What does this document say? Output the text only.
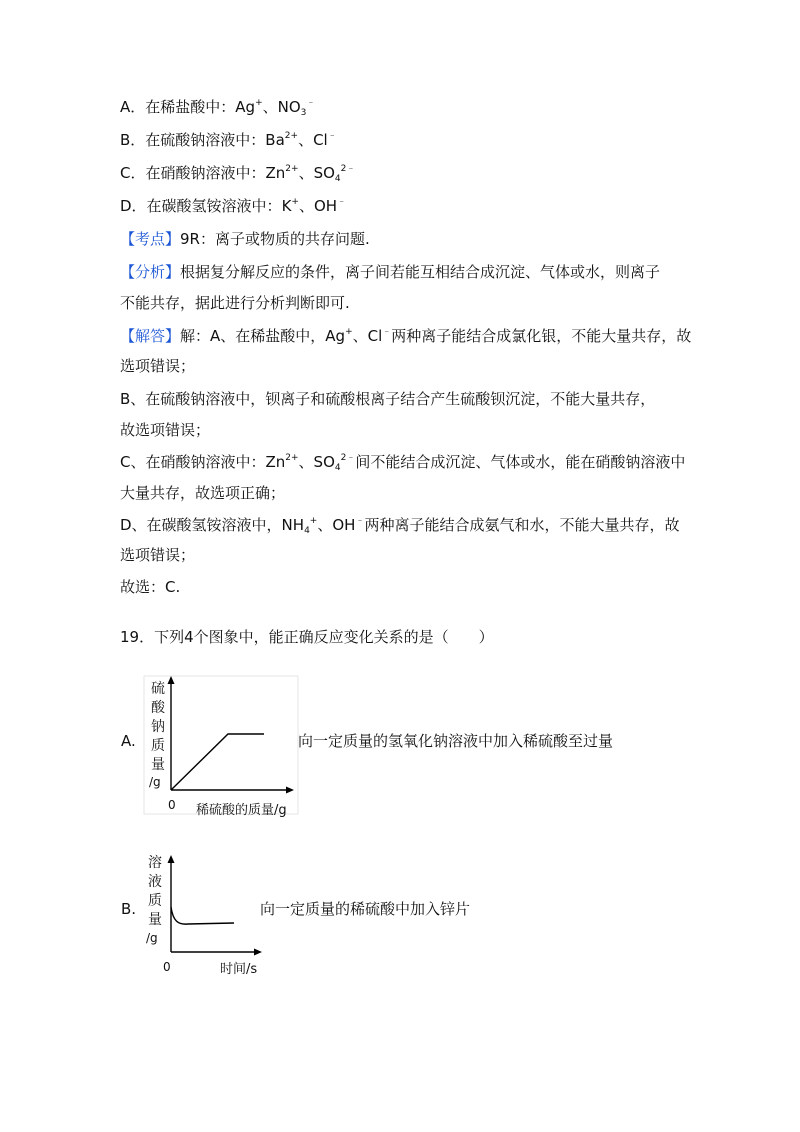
A．在稀盐酸中：Ag+、$NO_3^﹣$
B．在硫酸钠溶液中：$Ba^{2+}$、Cl﹣
C．在硝酸钠溶液中：$Zn^{2+}$、$SO_4^{2﹣}$
D．在碳酸氢铵溶液中：K+、OH﹣
【考点】9R：离子或物质的共存问题.
【分析】根据复分解反应的条件，离子间若能互相结合成沉淀、气体或水，则离子
不能共存，据此进行分析判断即可.
【解答】解：A、在稀盐酸中，Ag+、Cl﹣两种离子能结合成氯化银，不能大量共存，故
选项错误；
B、在硫酸钠溶液中，钡离子和硫酸根离子结合产生硫酸钡沉淀，不能大量共存，
故选项错误；
C、在硝酸钠溶液中：$Zn^{2+}$、$SO_4^{2﹣}$间不能结合成沉淀、气体或水，能在硝酸钠溶液中
大量共存，故选项正确；
D、在碳酸氢铵溶液中，$NH_4^+$、OH﹣两种离子能结合成氨气和水，不能大量共存，故
选项错误；
故选：C.
19．下列4个图象中，能正确反应变化关系的是（　　）
A.
硫
酸
钠
质
量
/g
0 稀硫酸的质量/g
向一定质量的氢氧化钠溶液中加入稀硫酸至过量
B.
溶
液
质
量
/g
0	时间/s
向一定质量的稀硫酸中加入锌片
